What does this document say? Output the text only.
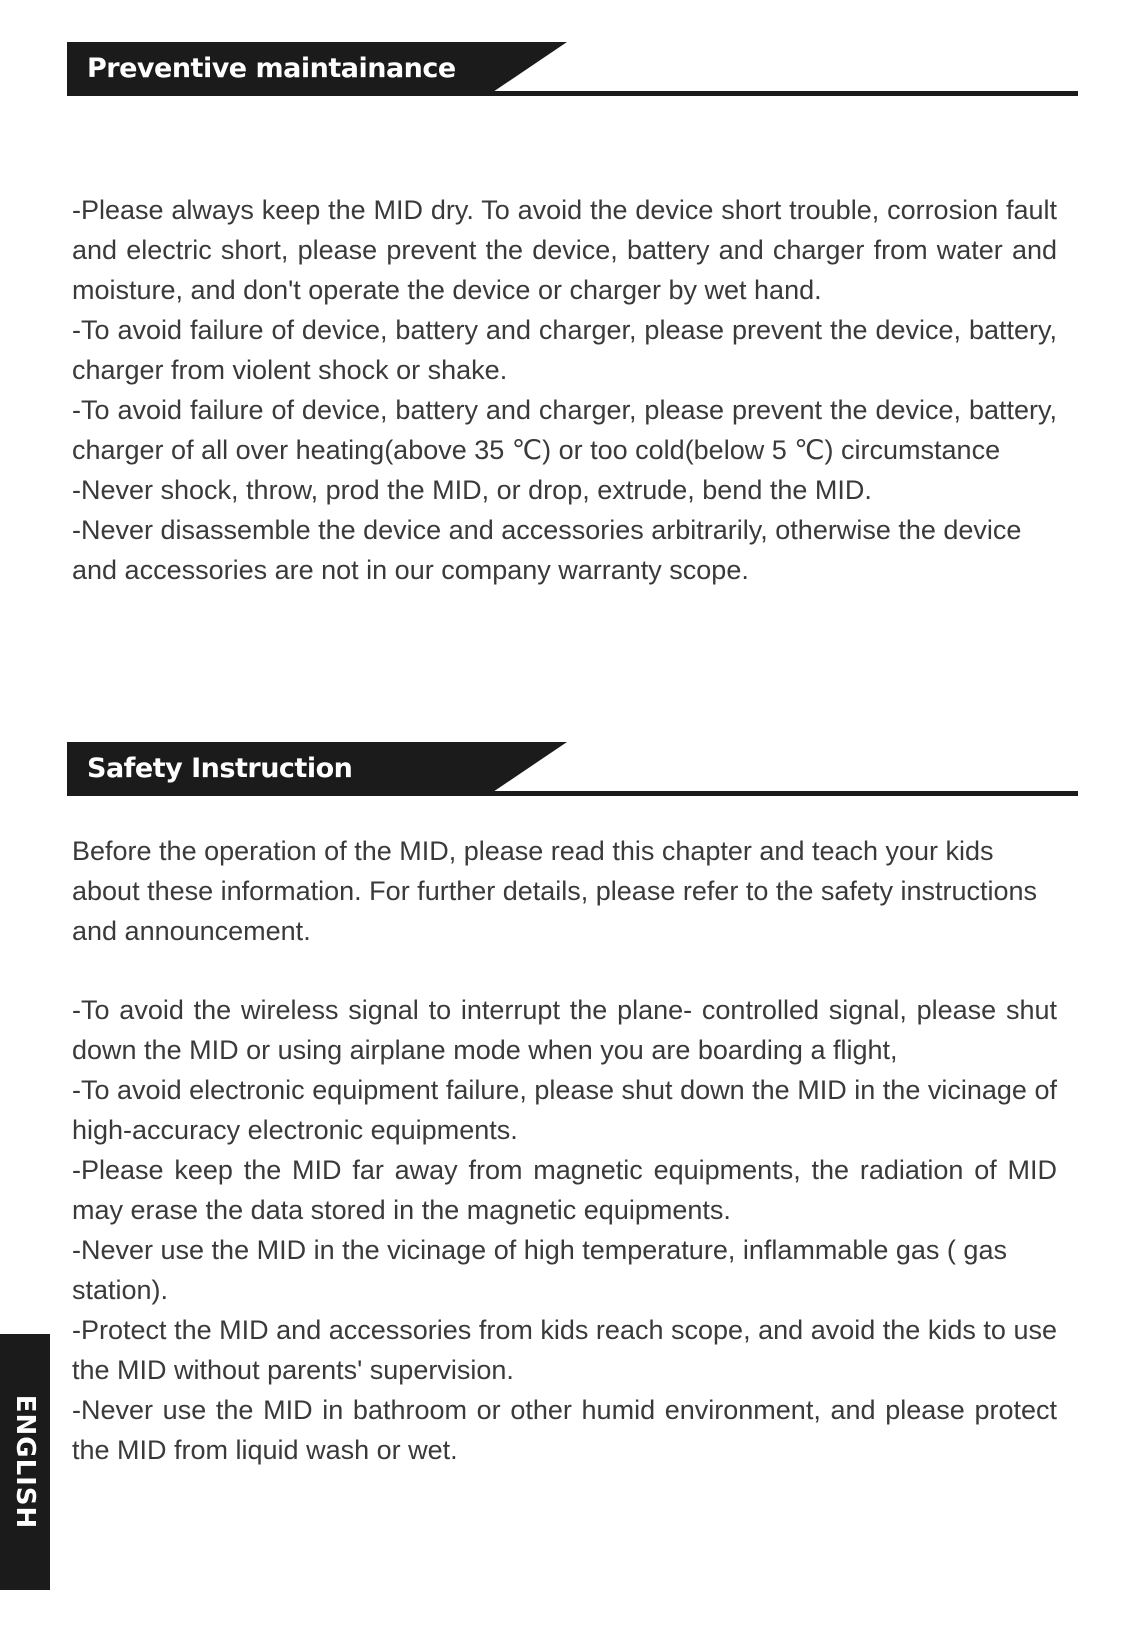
Preventive maintainance

-Please always keep the MID dry. To avoid the device short trouble, corrosion fault and electric short, please prevent the device, battery and charger from water and moisture, and don't operate the device or charger by wet hand.

-To avoid failure of device, battery and charger, please prevent the device, battery, charger from violent shock or shake.

-To avoid failure of device, battery and charger, please prevent the device, battery, charger of all over heating(above 35 ℃) or too cold(below 5 ℃) circumstance

-Never shock, throw, prod the MID, or drop, extrude, bend the MID.

-Never disassemble the device and accessories arbitrarily, otherwise the device and accessories are not in our company warranty scope.

Safety Instruction

Before the operation of the MID, please read this chapter and teach your kids about these information. For further details, please refer to the safety instructions and announcement.

-To avoid the wireless signal to interrupt the plane- controlled signal, please shut down the MID or using airplane mode when you are boarding a flight,

-To avoid electronic equipment failure, please shut down the MID in the vicinage of high-accuracy electronic equipments.

-Please keep the MID far away from magnetic equipments, the radiation of MID may erase the data stored in the magnetic equipments.

-Never use the MID in the vicinage of high temperature, inflammable gas ( gas station).

-Protect the MID and accessories from kids reach scope, and avoid the kids to use the MID without parents' supervision.

-Never use the MID in bathroom or other humid environment, and please protect the MID from liquid wash or wet.

ENGLISH
